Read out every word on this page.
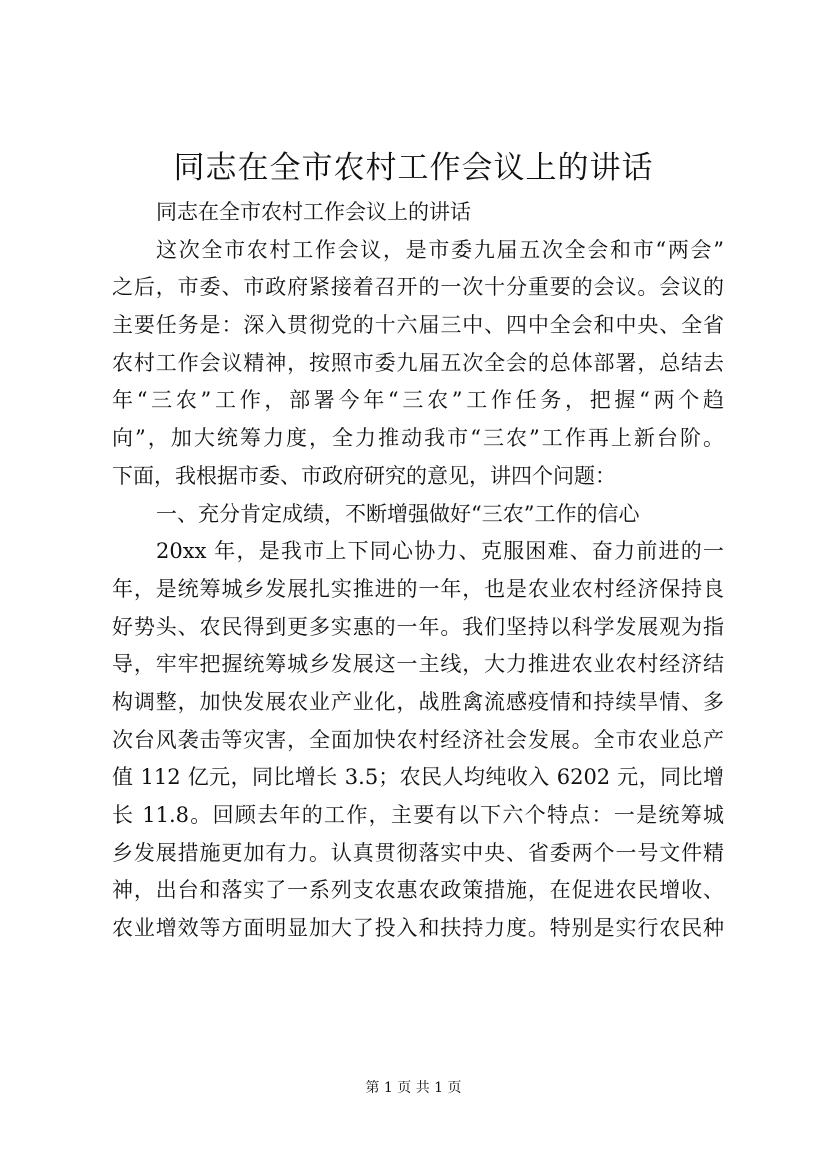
同志在全市农村工作会议上的讲话
同志在全市农村工作会议上的讲话
这次全市农村工作会议，是市委九届五次全会和市“两会”
之后，市委、市政府紧接着召开的一次十分重要的会议。会议的
主要任务是：深入贯彻党的十六届三中、四中全会和中央、全省
农村工作会议精神，按照市委九届五次全会的总体部署，总结去
年“三农”工作，部署今年“三农”工作任务，把握“两个趋
向”，加大统筹力度，全力推动我市“三农”工作再上新台阶。
下面，我根据市委、市政府研究的意见，讲四个问题：
一、充分肯定成绩，不断增强做好“三农”工作的信心
20xx 年，是我市上下同心协力、克服困难、奋力前进的一
年，是统筹城乡发展扎实推进的一年，也是农业农村经济保持良
好势头、农民得到更多实惠的一年。我们坚持以科学发展观为指
导，牢牢把握统筹城乡发展这一主线，大力推进农业农村经济结
构调整，加快发展农业产业化，战胜禽流感疫情和持续旱情、多
次台风袭击等灾害，全面加快农村经济社会发展。全市农业总产
值 112 亿元，同比增长 3.5；农民人均纯收入 6202 元，同比增
长 11.8。回顾去年的工作，主要有以下六个特点：一是统筹城
乡发展措施更加有力。认真贯彻落实中央、省委两个一号文件精
神，出台和落实了一系列支农惠农政策措施，在促进农民增收、
农业增效等方面明显加大了投入和扶持力度。特别是实行农民种
第 1 页 共 1 页
